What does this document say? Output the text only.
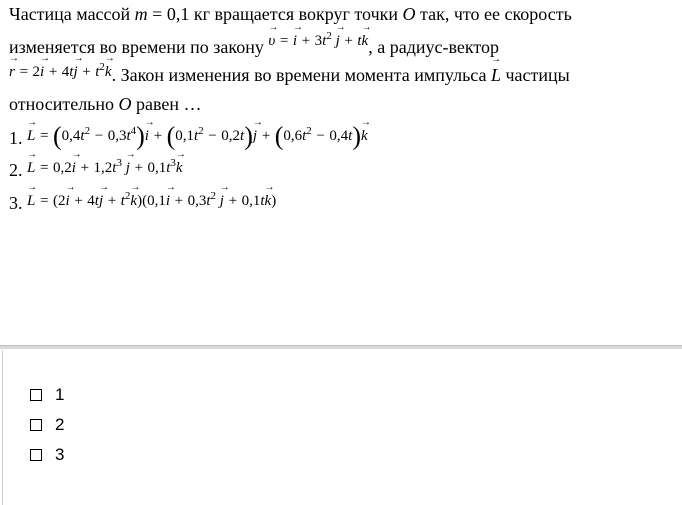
Частица массой m = 0,1 кг вращается вокруг точки O так, что ее скорость
изменяется во времени по закону → $^{\upsilon = \to i + 3t^2 \to j + t\to k}$, а радиус-вектор
→ $^{r = 2\to i + 4t\to j + t^2\to k}$. Закон изменения во времени момента импульса → L частицы
относительно O равен …
1. → $L = (0,4t^2 - 0,3t^4)\to i + (0,1t^2 - 0,2t)\to j + (0,6t^2 - 0,4t)\to k$
2. → $L = 0,2\to i + 1,2t^3 \to j + 0,1t^3\to k$
3. → $L = (2\to i + 4t\to j + t^2\to k)(0,1\to i + 0,3t^2 \to j + 0,1t\to k)$
1
2
3
